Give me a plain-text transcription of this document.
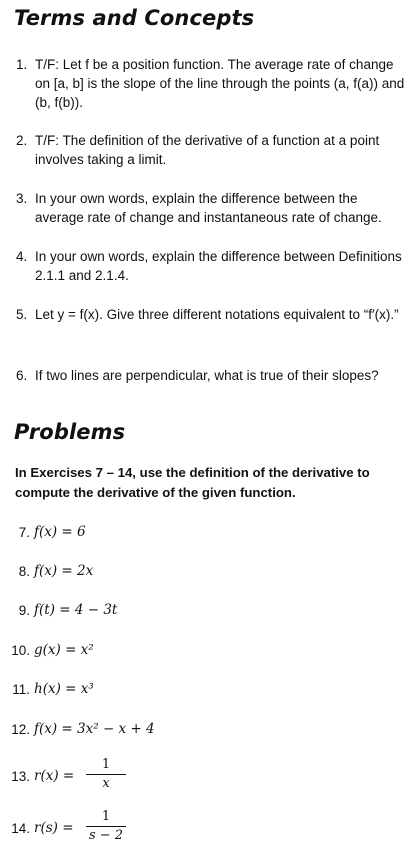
Terms and Concepts
1. T/F: Let f be a position function. The average rate of change on [a, b] is the slope of the line through the points (a, f(a)) and (b, f(b)).
2. T/F: The definition of the derivative of a function at a point involves taking a limit.
3. In your own words, explain the difference between the average rate of change and instantaneous rate of change.
4. In your own words, explain the difference between Definitions 2.1.1 and 2.1.4.
5. Let y = f(x). Give three different notations equivalent to “f′(x).”
6. If two lines are perpendicular, what is true of their slopes?
Problems

In Exercises 7 – 14, use the definition of the derivative to compute the derivative of the given function.

7. f(x) = 6
8. f(x) = 2x
9. f(t) = 4 − 3t
10. g(x) = x²
11. h(x) = x³
12. f(x) = 3x² − x + 4
13. r(x) =
1
x
14. r(s) =
1
s − 2
